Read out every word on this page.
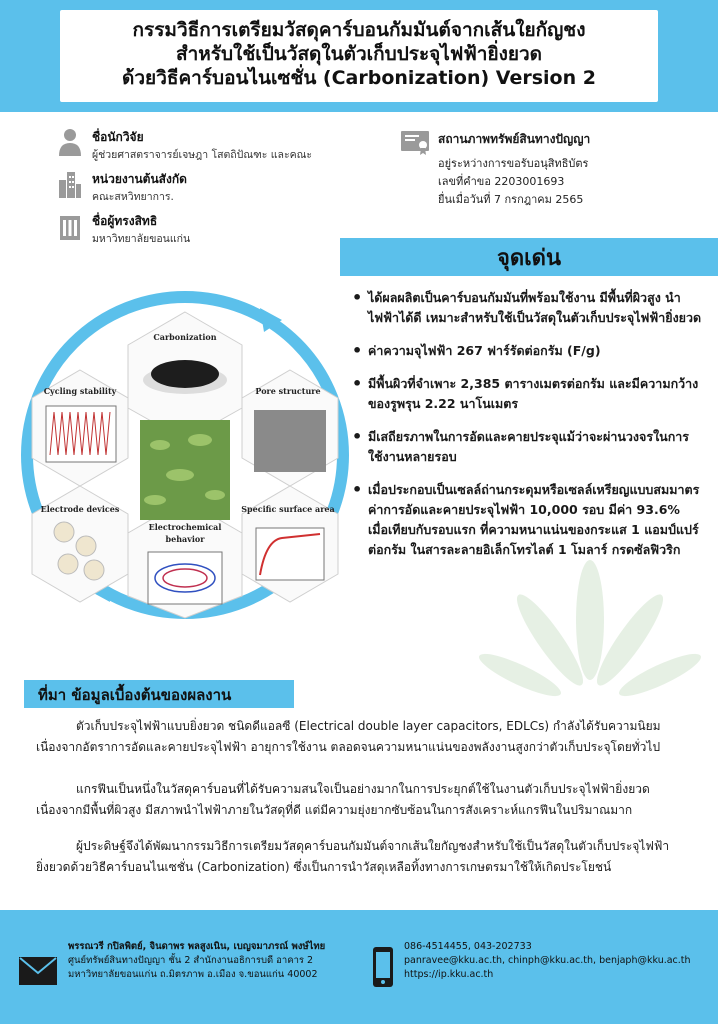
กรรมวิธีการเตรียมวัสดุคาร์บอนกัมมันต์จากเส้นใยกัญชง
สำหรับใช้เป็นวัสดุในตัวเก็บประจุไฟฟ้ายิ่งยวด
ด้วยวิธีคาร์บอนไนเซชั่น (Carbonization) Version 2
ชื่อนักวิจัย
ผู้ช่วยศาสตราจารย์เจษฎา โสตถิปัณฑะ และคณะ
หน่วยงานต้นสังกัด
คณะสหวิทยาการ.
ชื่อผู้ทรงสิทธิ
มหาวิทยาลัยขอนแก่น
สถานภาพทรัพย์สินทางปัญญา
อยู่ระหว่างการขอรับอนุสิทธิบัตร
เลขที่คำขอ 2203001693
ยื่นเมื่อวันที่ 7 กรกฎาคม 2565
Carbonization
Pore structure
Specific surface area
Electrochemical
behavior
Electrode devices
Cycling stability
จุดเด่น
• ได้ผลผลิตเป็นคาร์บอนกัมมันที่พร้อมใช้งาน มีพื้นที่ผิวสูง นำไฟฟ้าได้ดี เหมาะสำหรับใช้เป็นวัสดุในตัวเก็บประจุไฟฟ้ายิ่งยวด
• ค่าความจุไฟฟ้า 267 ฟาร์รัดต่อกรัม (F/g)
• มีพื้นผิวที่จำเพาะ 2,385 ตารางเมตรต่อกรัม และมีความกว้างของรูพรุน 2.22 นาโนเมตร
• มีเสถียรภาพในการอัดและคายประจุแม้ว่าจะผ่านวงจรในการใช้งานหลายรอบ
• เมื่อประกอบเป็นเซลล์ถ่านกระดุมหรือเซลล์เหรียญแบบสมมาตร ค่าการอัดและคายประจุไฟฟ้า 10,000 รอบ มีค่า 93.6% เมื่อเทียบกับรอบแรก ที่ความหนาแน่นของกระแส 1 แอมป์แปร์ต่อกรัม ในสารละลายอิเล็กโทรไลต์ 1 โมลาร์ กรดซัลฟิวริก
ที่มา ข้อมูลเบื้องต้นของผลงาน
ตัวเก็บประจุไฟฟ้าแบบยิ่งยวด ชนิดดีแอลซี (Electrical double layer capacitors, EDLCs) กำลังได้รับความนิยม เนื่องจากอัตราการอัดและคายประจุไฟฟ้า อายุการใช้งาน ตลอดจนความหนาแน่นของพลังงานสูงกว่าตัวเก็บประจุโดยทั่วไป
แกรฟีนเป็นหนึ่งในวัสดุคาร์บอนที่ได้รับความสนใจเป็นอย่างมากในการประยุกต์ใช้ในงานตัวเก็บประจุไฟฟ้ายิ่งยวด เนื่องจากมีพื้นที่ผิวสูง มีสภาพนำไฟฟ้าภายในวัสดุที่ดี แต่มีความยุ่งยากซับซ้อนในการสังเคราะห์แกรฟีนในปริมาณมาก
ผู้ประดิษฐ์จึงได้พัฒนากรรมวิธีการเตรียมวัสดุคาร์บอนกัมมันต์จากเส้นใยกัญชงสำหรับใช้เป็นวัสดุในตัวเก็บประจุไฟฟ้ายิ่งยวดด้วยวิธีคาร์บอนไนเซชั่น (Carbonization) ซึ่งเป็นการนำวัสดุเหลือทิ้งทางการเกษตรมาใช้ให้เกิดประโยชน์
พรรณวรี กปิลพิตย์, จินดาพร พลสูงเนิน, เบญจมาภรณ์ พงษ์ไทย
ศูนย์ทรัพย์สินทางปัญญา ชั้น 2 สำนักงานอธิการบดี อาคาร 2
มหาวิทยาลัยขอนแก่น ถ.มิตรภาพ อ.เมือง จ.ขอนแก่น 40002
086-4514455, 043-202733
panravee@kku.ac.th, chinph@kku.ac.th, benjaph@kku.ac.th
https://ip.kku.ac.th
